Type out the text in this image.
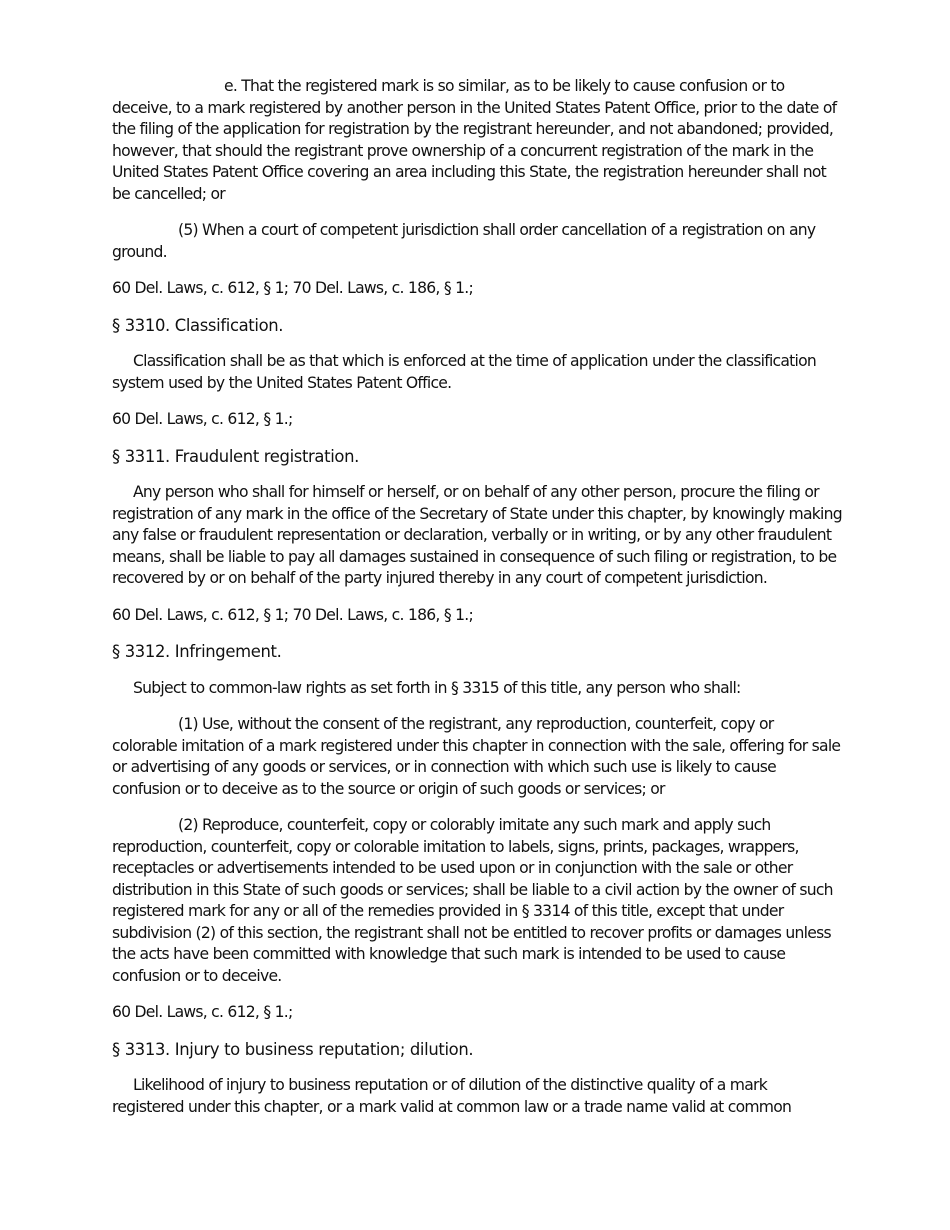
e. That the registered mark is so similar, as to be likely to cause confusion or to deceive, to a mark registered by another person in the United States Patent Office, prior to the date of the filing of the application for registration by the registrant hereunder, and not abandoned; provided, however, that should the registrant prove ownership of a concurrent registration of the mark in the United States Patent Office covering an area including this State, the registration hereunder shall not be cancelled; or

(5) When a court of competent jurisdiction shall order cancellation of a registration on any ground.

60 Del. Laws, c. 612, § 1; 70 Del. Laws, c. 186, § 1.;

§ 3310. Classification.

Classification shall be as that which is enforced at the time of application under the classification system used by the United States Patent Office.

60 Del. Laws, c. 612, § 1.;

§ 3311. Fraudulent registration.

Any person who shall for himself or herself, or on behalf of any other person, procure the filing or registration of any mark in the office of the Secretary of State under this chapter, by knowingly making any false or fraudulent representation or declaration, verbally or in writing, or by any other fraudulent means, shall be liable to pay all damages sustained in consequence of such filing or registration, to be recovered by or on behalf of the party injured thereby in any court of competent jurisdiction.

60 Del. Laws, c. 612, § 1; 70 Del. Laws, c. 186, § 1.;

§ 3312. Infringement.

Subject to common-law rights as set forth in § 3315 of this title, any person who shall:

(1) Use, without the consent of the registrant, any reproduction, counterfeit, copy or colorable imitation of a mark registered under this chapter in connection with the sale, offering for sale or advertising of any goods or services, or in connection with which such use is likely to cause confusion or to deceive as to the source or origin of such goods or services; or

(2) Reproduce, counterfeit, copy or colorably imitate any such mark and apply such reproduction, counterfeit, copy or colorable imitation to labels, signs, prints, packages, wrappers, receptacles or advertisements intended to be used upon or in conjunction with the sale or other distribution in this State of such goods or services; shall be liable to a civil action by the owner of such registered mark for any or all of the remedies provided in § 3314 of this title, except that under subdivision (2) of this section, the registrant shall not be entitled to recover profits or damages unless the acts have been committed with knowledge that such mark is intended to be used to cause confusion or to deceive.

60 Del. Laws, c. 612, § 1.;

§ 3313. Injury to business reputation; dilution.

Likelihood of injury to business reputation or of dilution of the distinctive quality of a mark registered under this chapter, or a mark valid at common law or a trade name valid at common
